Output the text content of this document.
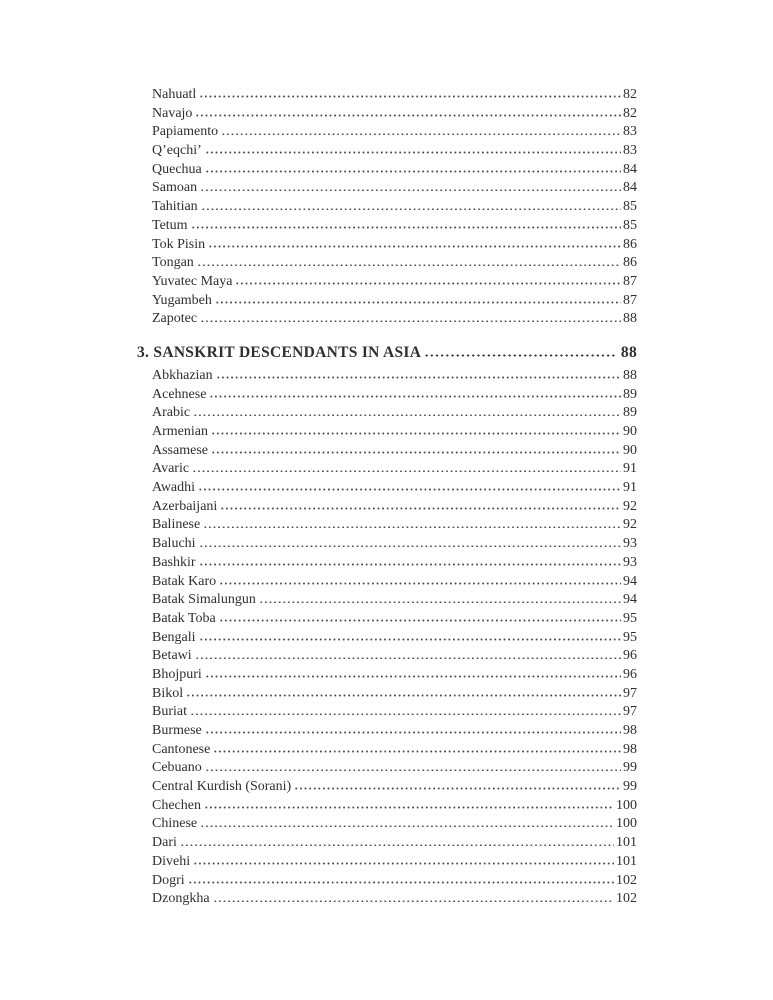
Nahuatl	82
Navajo	82
Papiamento	83
Q’eqchi’	83
Quechua	84
Samoan	84
Tahitian	85
Tetum	85
Tok Pisin	86
Tongan	86
Yuvatec Maya	87
Yugambeh	87
Zapotec	88
3. SANSKRIT DESCENDANTS IN ASIA	88
Abkhazian	88
Acehnese	89
Arabic	89
Armenian	90
Assamese	90
Avaric	91
Awadhi	91
Azerbaijani	92
Balinese	92
Baluchi	93
Bashkir	93
Batak Karo	94
Batak Simalungun	94
Batak Toba	95
Bengali	95
Betawi	96
Bhojpuri	96
Bikol	97
Buriat	97
Burmese	98
Cantonese	98
Cebuano	99
Central Kurdish (Sorani)	99
Chechen	100
Chinese	100
Dari	101
Divehi	101
Dogri	102
Dzongkha	102
